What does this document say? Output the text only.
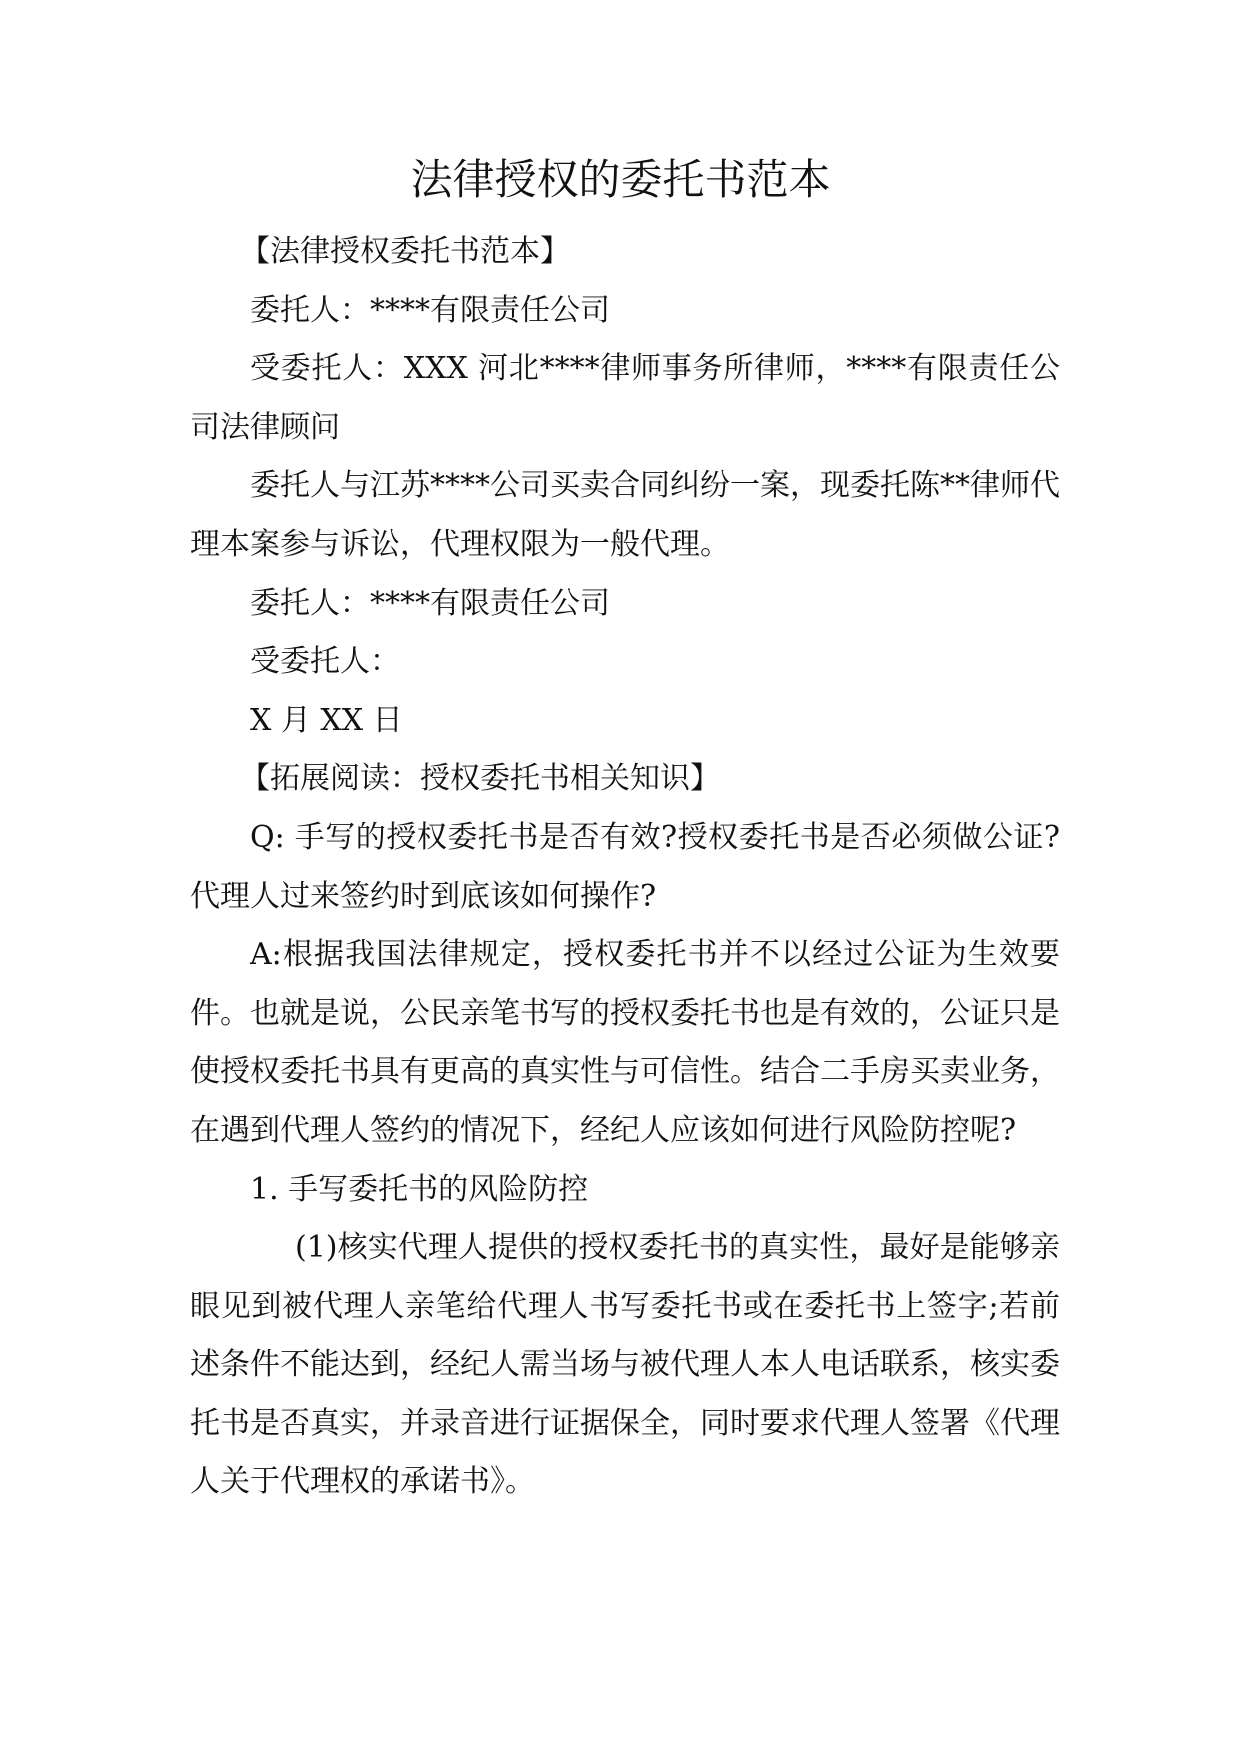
法律授权的委托书范本

【法律授权委托书范本】

委托人：****有限责任公司

受委托人：XXX 河北****律师事务所律师，****有限责任公司法律顾问

委托人与江苏****公司买卖合同纠纷一案，现委托陈**律师代理本案参与诉讼，代理权限为一般代理。

委托人：****有限责任公司

受委托人：

X 月 XX 日

【拓展阅读：授权委托书相关知识】

Q: 手写的授权委托书是否有效?授权委托书是否必须做公证?代理人过来签约时到底该如何操作?

A:根据我国法律规定，授权委托书并不以经过公证为生效要件。也就是说，公民亲笔书写的授权委托书也是有效的，公证只是使授权委托书具有更高的真实性与可信性。结合二手房买卖业务，在遇到代理人签约的情况下，经纪人应该如何进行风险防控呢?

1. 手写委托书的风险防控

(1)核实代理人提供的授权委托书的真实性，最好是能够亲眼见到被代理人亲笔给代理人书写委托书或在委托书上签字;若前述条件不能达到，经纪人需当场与被代理人本人电话联系，核实委托书是否真实，并录音进行证据保全，同时要求代理人签署《代理人关于代理权的承诺书》。
